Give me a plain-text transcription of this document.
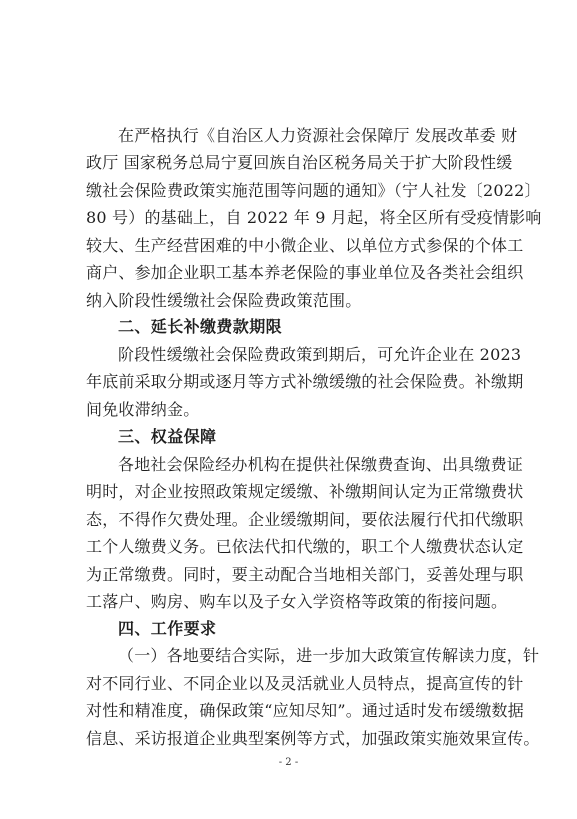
在严格执行《自治区人力资源社会保障厅 发展改革委 财
政厅 国家税务总局宁夏回族自治区税务局关于扩大阶段性缓
缴社会保险费政策实施范围等问题的通知》（宁人社发〔2022〕
80 号）的基础上，自 2022 年 9 月起，将全区所有受疫情影响
较大、生产经营困难的中小微企业、以单位方式参保的个体工
商户、参加企业职工基本养老保险的事业单位及各类社会组织
纳入阶段性缓缴社会保险费政策范围。
二、延长补缴费款期限
阶段性缓缴社会保险费政策到期后，可允许企业在 2023
年底前采取分期或逐月等方式补缴缓缴的社会保险费。补缴期
间免收滞纳金。
三、权益保障
各地社会保险经办机构在提供社保缴费查询、出具缴费证
明时，对企业按照政策规定缓缴、补缴期间认定为正常缴费状
态，不得作欠费处理。企业缓缴期间，要依法履行代扣代缴职
工个人缴费义务。已依法代扣代缴的，职工个人缴费状态认定
为正常缴费。同时，要主动配合当地相关部门，妥善处理与职
工落户、购房、购车以及子女入学资格等政策的衔接问题。
四、工作要求
（一）各地要结合实际，进一步加大政策宣传解读力度，针
对不同行业、不同企业以及灵活就业人员特点，提高宣传的针
对性和精准度，确保政策“应知尽知”。通过适时发布缓缴数据
信息、采访报道企业典型案例等方式，加强政策实施效果宣传。
- 2 -
